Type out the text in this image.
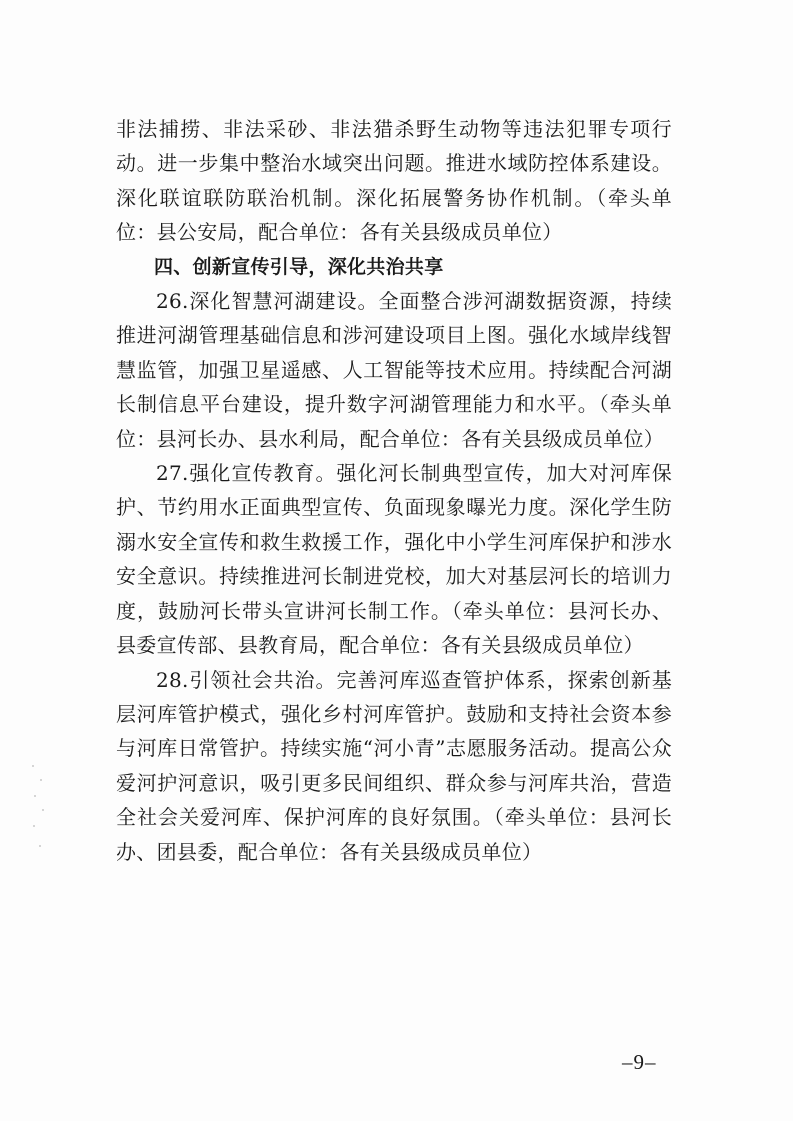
非法捕捞、非法采砂、非法猎杀野生动物等违法犯罪专项行动。进一步集中整治水域突出问题。推进水域防控体系建设。深化联谊联防联治机制。深化拓展警务协作机制。（牵头单位：县公安局，配合单位：各有关县级成员单位）

四、创新宣传引导，深化共治共享

26.深化智慧河湖建设。全面整合涉河湖数据资源，持续推进河湖管理基础信息和涉河建设项目上图。强化水域岸线智慧监管，加强卫星遥感、人工智能等技术应用。持续配合河湖长制信息平台建设，提升数字河湖管理能力和水平。（牵头单位：县河长办、县水利局，配合单位：各有关县级成员单位）

27.强化宣传教育。强化河长制典型宣传，加大对河库保护、节约用水正面典型宣传、负面现象曝光力度。深化学生防溺水安全宣传和救生救援工作，强化中小学生河库保护和涉水安全意识。持续推进河长制进党校，加大对基层河长的培训力度，鼓励河长带头宣讲河长制工作。（牵头单位：县河长办、县委宣传部、县教育局，配合单位：各有关县级成员单位）

28.引领社会共治。完善河库巡查管护体系，探索创新基层河库管护模式，强化乡村河库管护。鼓励和支持社会资本参与河库日常管护。持续实施“河小青”志愿服务活动。提高公众爱河护河意识，吸引更多民间组织、群众参与河库共治，营造全社会关爱河库、保护河库的良好氛围。（牵头单位：县河长办、团县委，配合单位：各有关县级成员单位）

–9–
